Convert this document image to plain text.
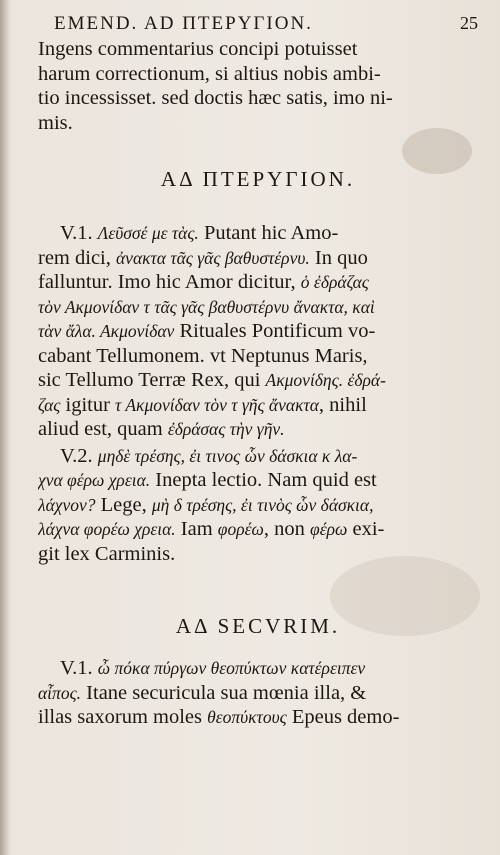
EMEND. AD ΠΤΕΡΥΓΙΟΝ.	25
Ingens commentarius concipi potuisset
harum correctionum, si altius nobis ambi-
tio incessisset. sed doctis hæc satis, imo ni-
mis.
ΑΔ ΠΤΕΡΥΓΙΟΝ.
V.1. Λεῦσσέ με τὰς. Putant hic Amo-
rem dici, ἀνακτα τᾶς γᾶς βαθυστέρνυ. In quo
falluntur. Imo hic Amor dicitur, ὁ ἐδράζας
τὸν Ακμονίδαν τ τᾶς γᾶς βαθυστέρνυ ἄνακτα, καὶ
τὰν ἄλα. Ακμονίδαν Rituales Pontificum vo-
cabant Tellumonem. vt Neptunus Maris,
sic Tellumo Terræ Rex, qui Ακμονίδης. ἐδρά-
ζας igitur τ Ακμονίδαν τὸν τ γῆς ἄνακτα, nihil
aliud est, quam ἐδράσας τὴν γῆν.
V.2. μηδὲ τρέσης, ἐι τινος ὧν δάσκια κ λα-
χνα φέρω χρεια. Inepta lectio. Nam quid est
λάχνον? Lege, μὴ δ τρέσης, ἐι τινὸς ὧν δάσκια,
λάχνα φορέω χρεια. Iam φορέω, non φέρω exi-
git lex Carminis.
ΑΔ SECVRIM.
V.1. ὦ πόκα πύργων θεοπύκτων κατέρειπεν
αἶπος. Itane securicula sua mœnia illa, &
illas saxorum moles θεοπύκτους Epeus demo-
